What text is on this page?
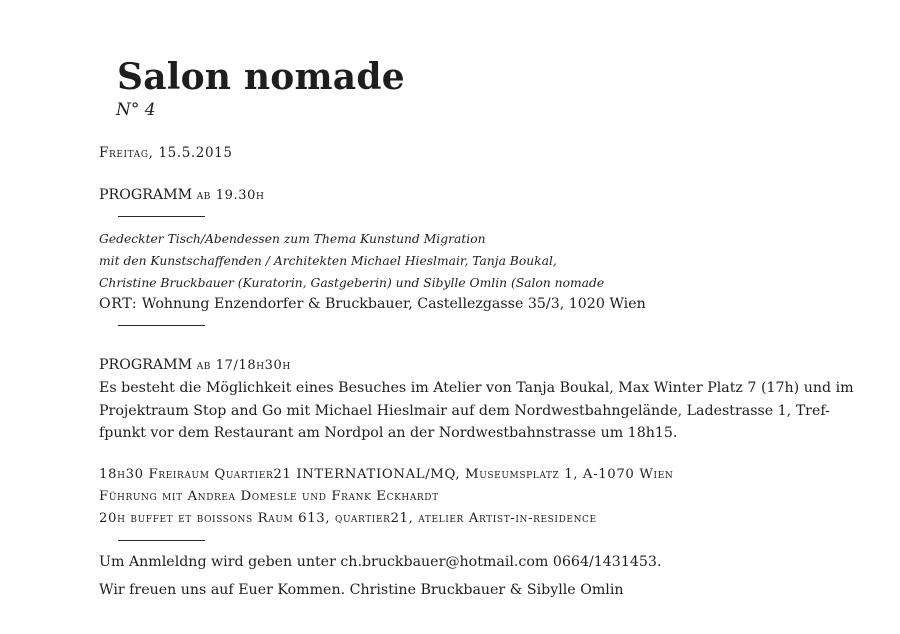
Salon nomade
N° 4
Freitag, 15.5.2015
PROGRAMM ab 19.30h
Gedeckter Tisch/Abendessen zum Thema Kunstund Migration
mit den Kunstschaffenden / Architekten Michael Hieslmair, Tanja Boukal,
Christine Bruckbauer (Kuratorin, Gastgeberin) und Sibylle Omlin (Salon nomade
ORT: Wohnung Enzendorfer & Bruckbauer, Castellezgasse 35/3, 1020 Wien
PROGRAMM ab 17/18h30h
Es besteht die Möglichkeit eines Besuches im Atelier von Tanja Boukal, Max Winter Platz 7 (17h) und im
Projektraum Stop and Go mit Michael Hieslmair auf dem Nordwestbahngelände, Ladestrasse 1, Tref-
fpunkt vor dem Restaurant am Nordpol an der Nordwestbahnstrasse um 18h15.
18h30 Freiraum Quartier21 INTERNATIONAL/MQ, Museumsplatz 1, A-1070 Wien
Führung mit Andrea Domesle und Frank Eckhardt
20h buffet et boissons Raum 613, quartier21, atelier Artist-in-residence
Um Anmleldng wird geben unter ch.bruckbauer@hotmail.com 0664/1431453.
Wir freuen uns auf Euer Kommen. Christine Bruckbauer & Sibylle Omlin
